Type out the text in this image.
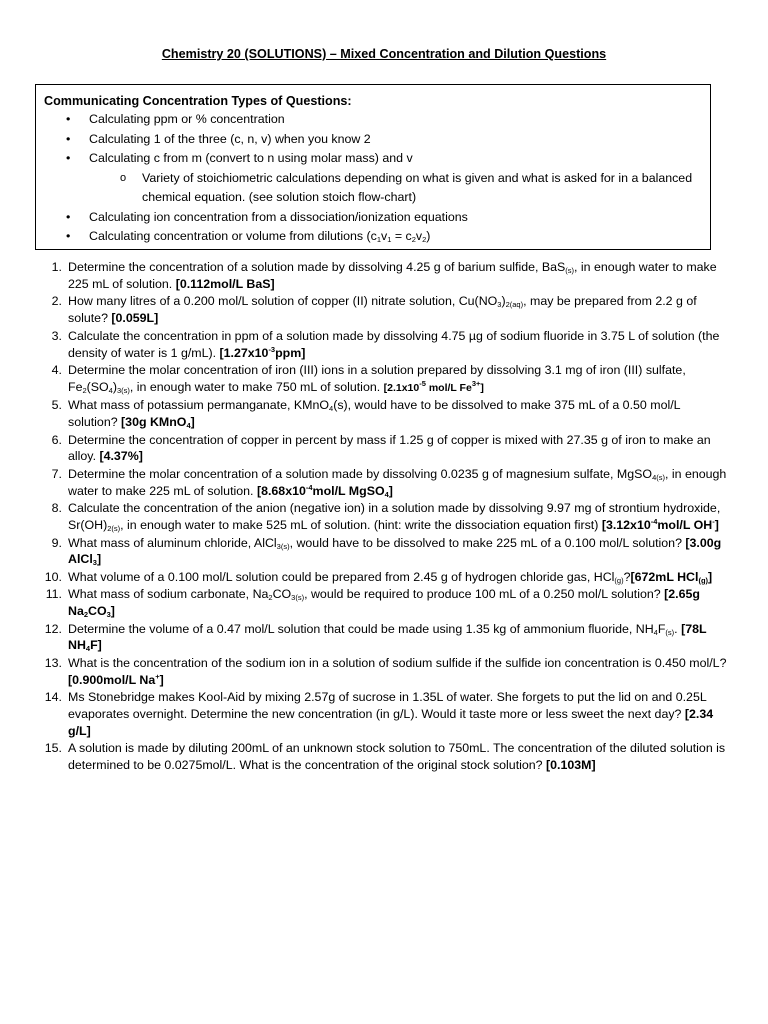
Chemistry 20 (SOLUTIONS) – Mixed Concentration and Dilution Questions
Communicating Concentration Types of Questions:
• Calculating ppm or % concentration
• Calculating 1 of the three (c, n, v) when you know 2
• Calculating c from m (convert to n using molar mass) and v
o Variety of stoichiometric calculations depending on what is given and what is asked for in a balanced chemical equation. (see solution stoich flow-chart)
• Calculating ion concentration from a dissociation/ionization equations
• Calculating concentration or volume from dilutions $(c_1v_1 = c_2v_2)$
1. Determine the concentration of a solution made by dissolving 4.25 g of barium sulfide, BaS$_{(s)}$, in enough water to make 225 mL of solution. [0.112mol/L BaS]
2. How many litres of a 0.200 mol/L solution of copper (II) nitrate solution, $Cu(NO_3)_{2(aq)}$, may be prepared from 2.2 g of solute? [0.059L]
3. Calculate the concentration in ppm of a solution made by dissolving 4.75 µg of sodium fluoride in 3.75 L of solution (the density of water is 1 g/mL). $[1.27x10^{-3}ppm]$
4. Determine the molar concentration of iron (III) ions in a solution prepared by dissolving 3.1 mg of iron (III) sulfate, $Fe_2(SO_4)_{3(s)}$, in enough water to make 750 mL of solution. [$2.1x10^{-5}$ mol/L $Fe^{3+}$]
5. What mass of potassium permanganate, KMnO$_4$(s), would have to be dissolved to make 375 mL of a 0.50 mol/L solution? [30g KMnO$_4$]
6. Determine the concentration of copper in percent by mass if 1.25 g of copper is mixed with 27.35 g of iron to make an alloy. [4.37%]
7. Determine the molar concentration of a solution made by dissolving 0.0235 g of magnesium sulfate, MgSO$_{4(s)}$, in enough water to make 225 mL of solution. [$8.68x10^{-4}mol/L$ MgSO$_4$]
8. Calculate the concentration of the anion (negative ion) in a solution made by dissolving 9.97 mg of strontium hydroxide, $Sr(OH)_{2(s)}$, in enough water to make 525 mL of solution. (hint: write the dissociation equation first) [$3.12x10^{-4}mol/L$ OH-]
9. What mass of aluminum chloride, AlCl$_{3(s)}$, would have to be dissolved to make 225 mL of a 0.100 mol/L solution? [3.00g AlCl$_3$]
10. What volume of a 0.100 mol/L solution could be prepared from 2.45 g of hydrogen chloride gas, HCl$_{(g)}$?[672mL HCl$_{(g)}$]
11. What mass of sodium carbonate, $Na_2CO_{3(s)}$, would be required to produce 100 mL of a 0.250 mol/L solution? [2.65g $Na_2CO_3$]
12. Determine the volume of a 0.47 mol/L solution that could be made using 1.35 kg of ammonium fluoride, $NH_4F_{(s)}$. [78L $NH_4F$]
13. What is the concentration of the sodium ion in a solution of sodium sulfide if the sulfide ion concentration is 0.450 mol/L? [0.900mol/L Na+]
14. Ms Stonebridge makes Kool-Aid by mixing 2.57g of sucrose in 1.35L of water. She forgets to put the lid on and 0.25L evaporates overnight. Determine the new concentration (in g/L). Would it taste more or less sweet the next day? [2.34 g/L]
15. A solution is made by diluting 200mL of an unknown stock solution to 750mL. The concentration of the diluted solution is determined to be 0.0275mol/L. What is the concentration of the original stock solution? [0.103M]
